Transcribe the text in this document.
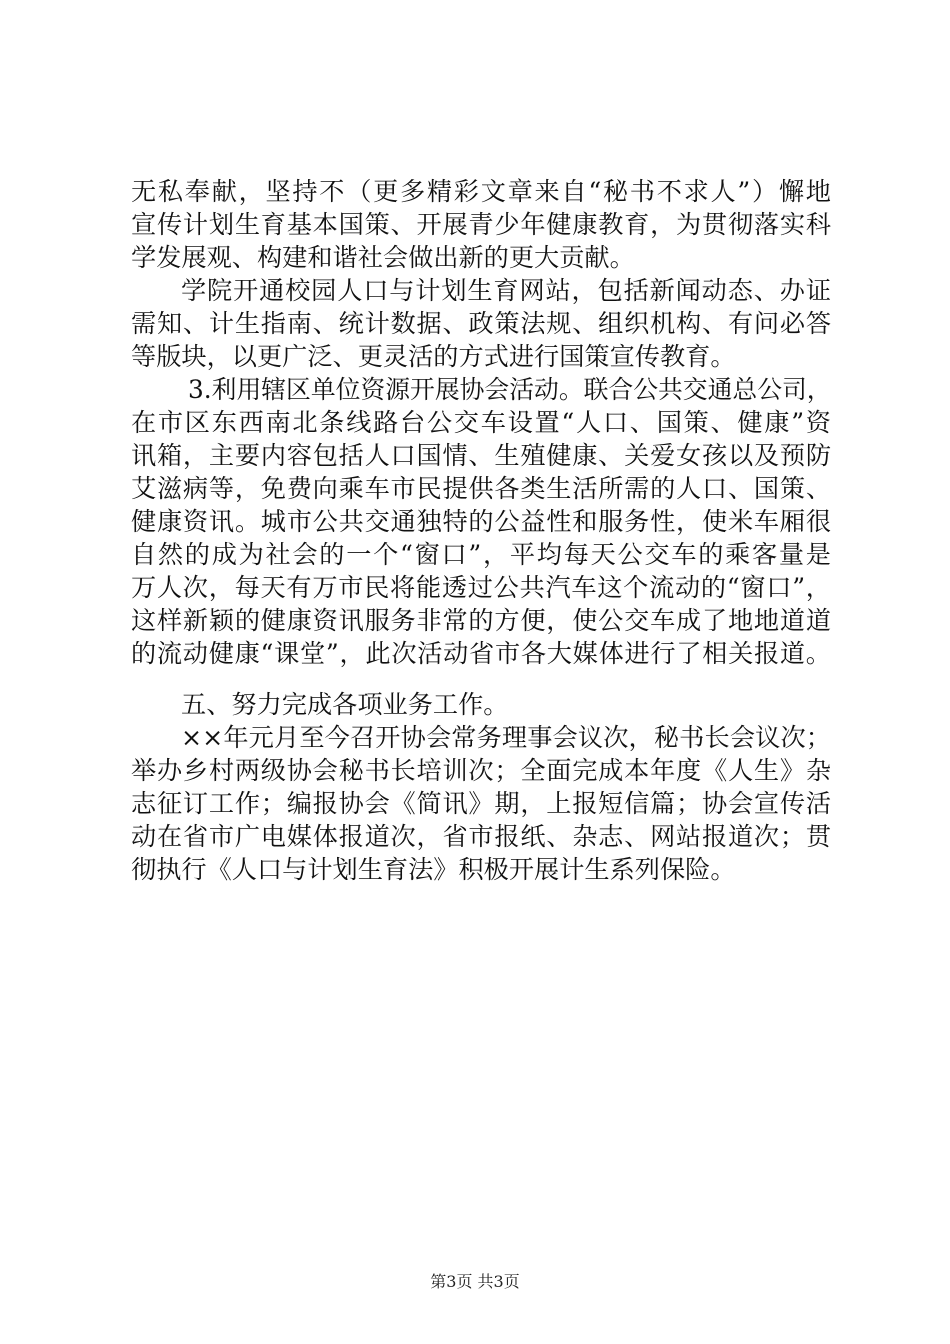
无私奉献，坚持不（更多精彩文章来自“秘书不求人”）懈地
宣传计划生育基本国策、开展青少年健康教育，为贯彻落实科
学发展观、构建和谐社会做出新的更大贡献。
学院开通校园人口与计划生育网站，包括新闻动态、办证
需知、计生指南、统计数据、政策法规、组织机构、有问必答
等版块，以更广泛、更灵活的方式进行国策宣传教育。
3.利用辖区单位资源开展协会活动。联合公共交通总公司，
在市区东西南北条线路台公交车设置“人口、国策、健康”资
讯箱，主要内容包括人口国情、生殖健康、关爱女孩以及预防
艾滋病等，免费向乘车市民提供各类生活所需的人口、国策、
健康资讯。城市公共交通独特的公益性和服务性，使米车厢很
自然的成为社会的一个“窗口”，平均每天公交车的乘客量是
万人次，每天有万市民将能透过公共汽车这个流动的“窗口”，
这样新颖的健康资讯服务非常的方便，使公交车成了地地道道
的流动健康“课堂”，此次活动省市各大媒体进行了相关报道。
五、努力完成各项业务工作。
××年元月至今召开协会常务理事会议次，秘书长会议次；
举办乡村两级协会秘书长培训次；全面完成本年度《人生》杂
志征订工作；编报协会《简讯》期，上报短信篇；协会宣传活
动在省市广电媒体报道次，省市报纸、杂志、网站报道次；贯
彻执行《人口与计划生育法》积极开展计生系列保险。
第3页 共3页
